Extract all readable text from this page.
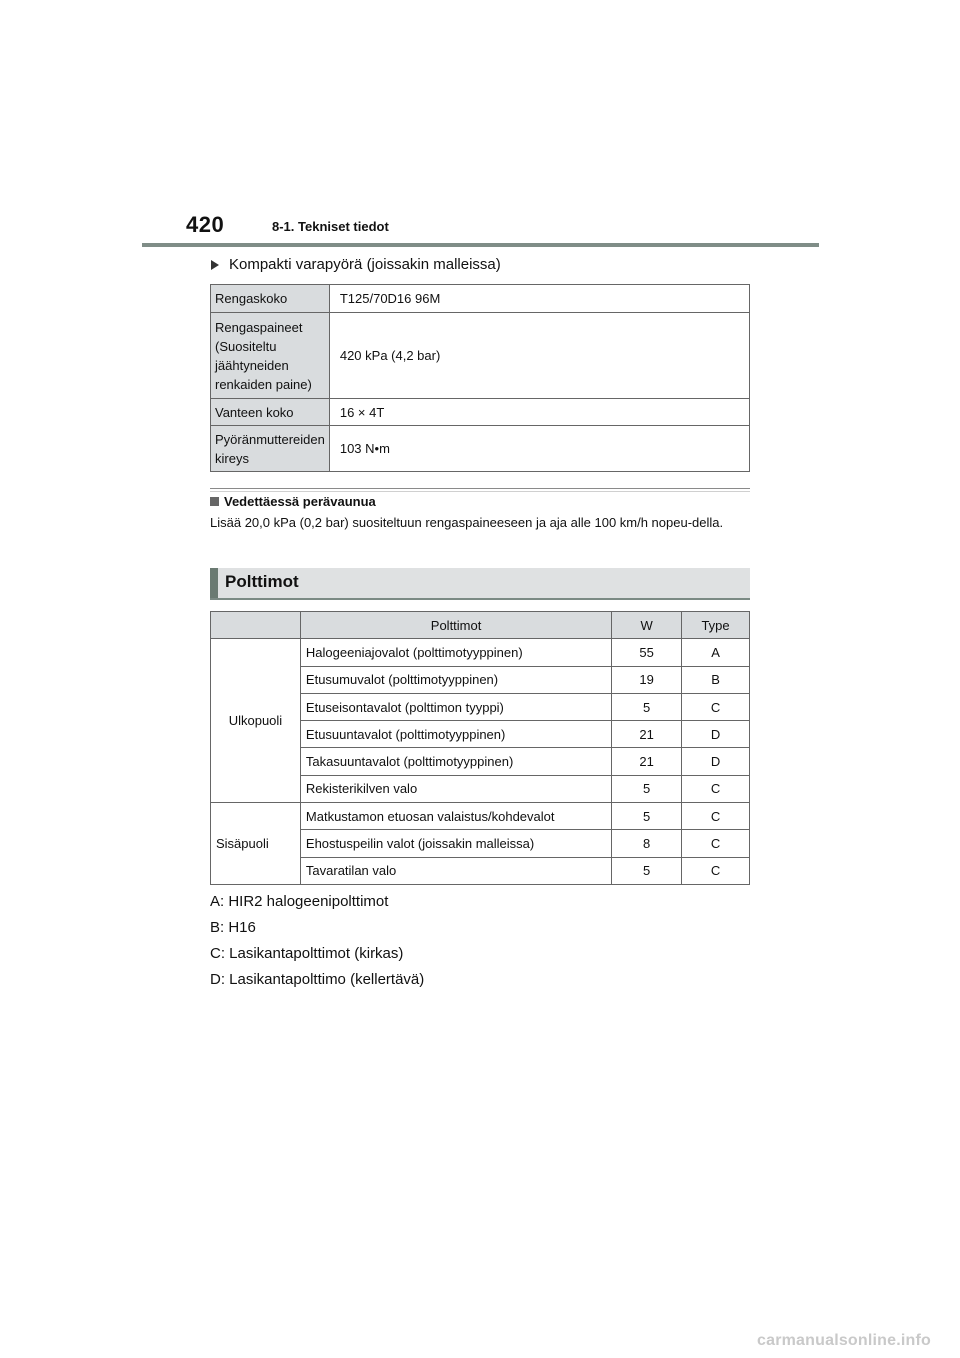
420	8-1. Tekniset tiedot
Kompakti varapyörä (joissakin malleissa)
Rengaskoko	T125/70D16 96M
Rengaspaineet (Suositeltu jäähtyneiden renkaiden paine)	420 kPa (4,2 bar)
Vanteen koko	16 × 4T
Pyöränmuttereiden kireys	103 N•m
Vedettäessä perävaunua
Lisää 20,0 kPa (0,2 bar) suositeltuun rengaspaineeseen ja aja alle 100 km/h nopeu-della.
Polttimot
	Polttimot	W	Type
Ulkopuoli	Halogeeniajovalot (polttimotyyppinen)	55	A
	Etusumuvalot (polttimotyyppinen)	19	B
	Etuseisontavalot (polttimon tyyppi)	5	C
	Etusuuntavalot (polttimotyyppinen)	21	D
	Takasuuntavalot (polttimotyyppinen)	21	D
	Rekisterikilven valo	5	C
Sisäpuoli	Matkustamon etuosan valaistus/kohdevalot	5	C
	Ehostuspeilin valot (joissakin malleissa)	8	C
	Tavaratilan valo	5	C
A: HIR2 halogeenipolttimot
B: H16
C: Lasikantapolttimot (kirkas)
D: Lasikantapolttimo (kellertävä)
carmanualsonline.info
